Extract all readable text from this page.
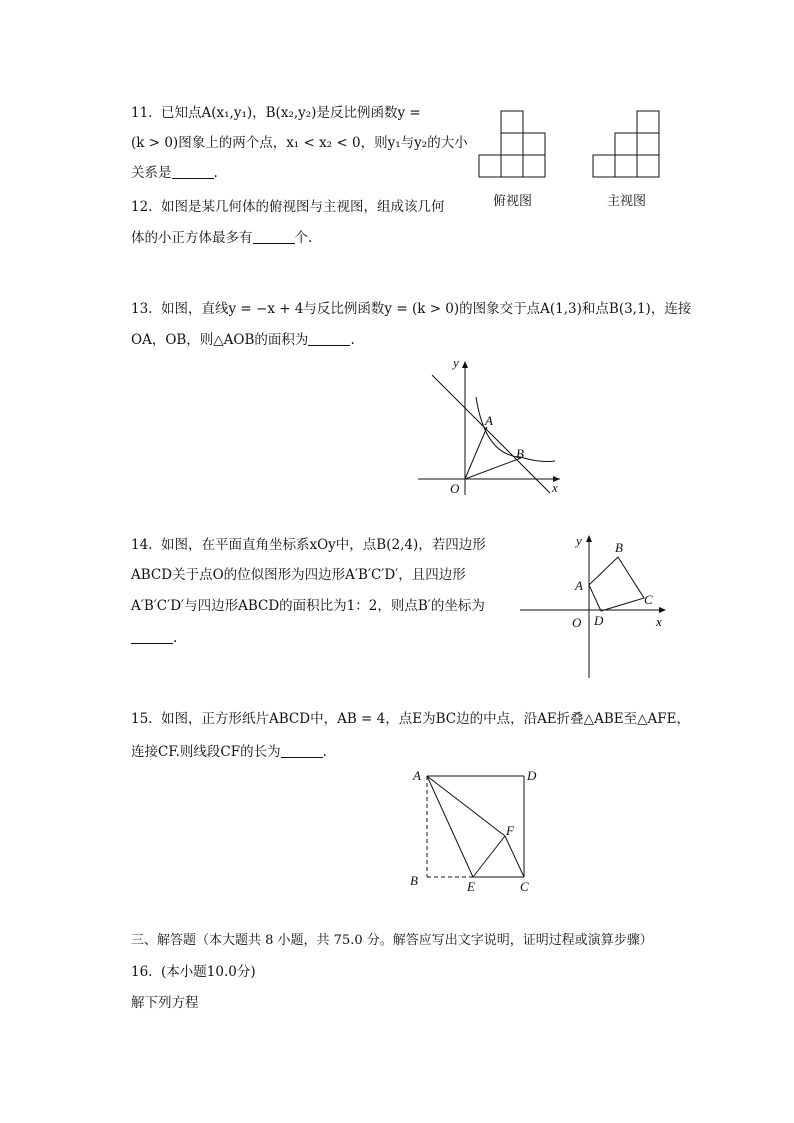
11. 已知点A(x₁,y₁)，B(x₂,y₂)是反比例函数y =
(k > 0)图象上的两个点，x₁ < x₂ < 0，则y₁与y₂的大小
关系是	.
12. 如图是某几何体的俯视图与主视图，组成该几何
体的小正方体最多有	个.
俯视图	主视图
13. 如图，直线y = −x + 4与反比例函数y = (k > 0)的图象交于点A(1,3)和点B(3,1)，连接
OA，OB，则△AOB的面积为	.
y
x
O
A
B
14. 如图，在平面直角坐标系xOy中，点B(2,4)，若四边形
ABCD关于点O的位似图形为四边形A′B′C′D′，且四边形
A′B′C′D′与四边形ABCD的面积比为1：2，则点B′的坐标为
.
y
x
O
A
B
C
D
15. 如图，正方形纸片ABCD中，AB = 4，点E为BC边的中点，沿AE折叠△ABE至△AFE，
连接CF.则线段CF的长为	.
A	D
B	E	C
F
三、解答题（本大题共 8 小题，共 75.0 分。解答应写出文字说明，证明过程或演算步骤）
16. (本小题10.0分)
解下列方程
